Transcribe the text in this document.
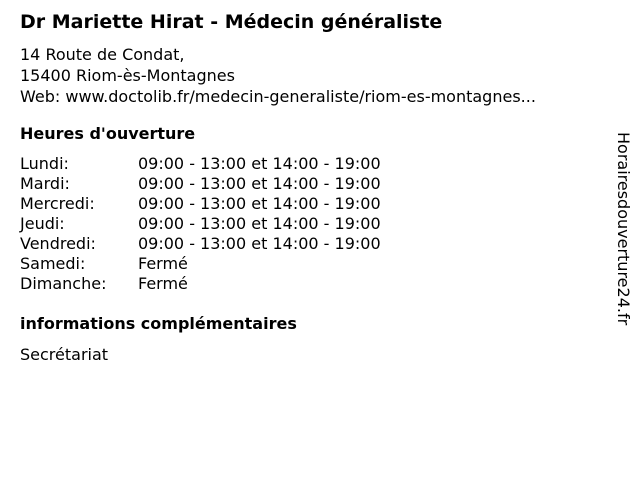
Dr Mariette Hirat - Médecin généraliste
14 Route de Condat,
15400 Riom-ès-Montagnes
Web: www.doctolib.fr/medecin-generaliste/riom-es-montagnes...
Heures d'ouverture
Lundi:	09:00 - 13:00 et 14:00 - 19:00
Mardi:	09:00 - 13:00 et 14:00 - 19:00
Mercredi:	09:00 - 13:00 et 14:00 - 19:00
Jeudi:	09:00 - 13:00 et 14:00 - 19:00
Vendredi:	09:00 - 13:00 et 14:00 - 19:00
Samedi:	Fermé
Dimanche:	Fermé
informations complémentaires
Secrétariat
Horairesdouverture24.fr
